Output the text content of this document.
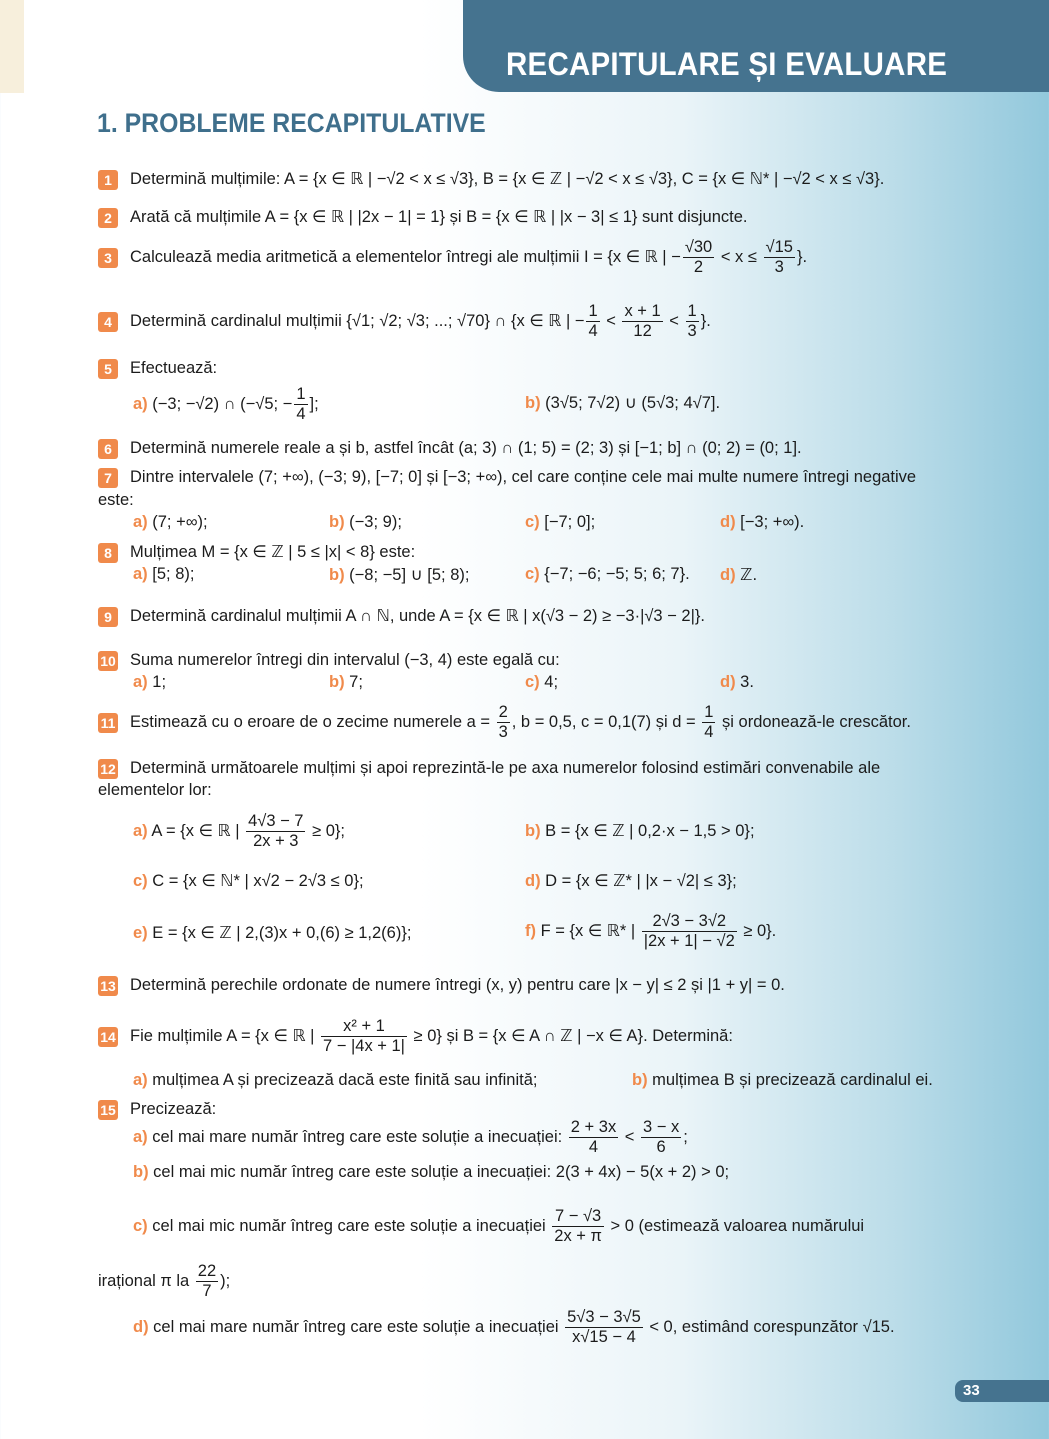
RECAPITULARE ȘI EVALUARE
1. PROBLEME RECAPITULATIVE
1 Determină mulțimile: A = {x ∈ ℝ | −√2 < x ≤ √3}, B = {x ∈ ℤ | −√2 < x ≤ √3}, C = {x ∈ ℕ* | −√2 < x ≤ √3}.
2 Arată că mulțimile A = {x ∈ ℝ | |2x − 1| = 1} și B = {x ∈ ℝ | |x − 3| ≤ 1} sunt disjuncte.
3 Calculează media aritmetică a elementelor întregi ale mulțimii I = {x ∈ ℝ | − $\frac{√30}{2} < x \le \frac{√15}{3}$ }.
4 Determină cardinalul mulțimii {√1; √2; √3; ...; √70} ∩ {x ∈ ℝ | − $\frac{1}{4} < \frac{x + 1}{12} < \frac{1}{3}$ }.
5 Efectuează:
a) (−3; −√2) ∩ (−√5; − $\frac{1}{4}$ ];	b) (3√5; 7√2) ∪ (5√3; 4√7].
6 Determină numerele reale a și b, astfel încât (a; 3) ∩ (1; 5) = (2; 3) și [−1; b] ∩ (0; 2) = (0; 1].
7 Dintre intervalele (7; +∞), (−3; 9), [−7; 0] și [−3; +∞), cel care conține cele mai multe numere întregi negative
este:
a) (7; +∞);	b) (−3; 9);	c) [−7; 0];	d) [−3; +∞).
8 Mulțimea M = {x ∈ ℤ | 5 ≤ |x| < 8} este:
a) [5; 8);	b) (−8; −5] ∪ [5; 8);	c) {−7; −6; −5; 5; 6; 7}. d) ℤ.
9 Determină cardinalul mulțimii A ∩ ℕ, unde A = {x ∈ ℝ | x(√3 − 2) ≥ −3·|√3 − 2|}.
10 Suma numerelor întregi din intervalul (−3, 4) este egală cu:
a) 1;	b) 7;	c) 4;	d) 3.
11 Estimează cu o eroare de o zecime numerele $a = \frac{2}{3}$ , b = 0,5, c = 0,1(7) și $d = \frac{1}{4}$ și ordonează-le crescător.
12 Determină următoarele mulțimi și apoi reprezintă-le pe axa numerelor folosind estimări convenabile ale
elementelor lor:
a) A = {x ∈ ℝ | $\frac{4√3 - 7}{2x + 3} \ge 0$};	b) B = {x ∈ ℤ | 0,2·x − 1,5 > 0};
c) C = {x ∈ ℕ* | x√2 − 2√3 ≤ 0};	d) D = {x ∈ ℤ* | |x − √2| ≤ 3};
e) E = {x ∈ ℤ | 2,(3)x + 0,(6) ≥ 1,2(6)};	f) F = {x ∈ ℝ* | $\frac{2√3 - 3√2}{|2x + 1| - √2} \ge 0$}.
13 Determină perechile ordonate de numere întregi (x, y) pentru care |x − y| ≤ 2 și |1 + y| = 0.
14 Fie mulțimile A = {x ∈ ℝ | $\frac{\text{x² + 1}}{7 - |4x + 1|} \ge 0$} și B = {x ∈ A ∩ ℤ | −x ∈ A}. Determină:
a) mulțimea A și precizează dacă este finită sau infinită;	b) mulțimea B și precizează cardinalul ei.
15 Precizează:
a) cel mai mare număr întreg care este soluție a inecuației: $\frac{2 + 3x}{4} < \frac{3 - x}{6}$ ;
b) cel mai mic număr întreg care este soluție a inecuației: 2(3 + 4x) − 5(x + 2) > 0;
c) cel mai mic număr întreg care este soluție a inecuației $\frac{7 - √3}{2x + \pi} > 0$ (estimează valoarea numărului
irațional π la $\frac{22}{7}$ );
d) cel mai mare număr întreg care este soluție a inecuației $\frac{5√3 - 3√5}{x√15 - 4} < 0$, estimând corespunzător √15.
33
